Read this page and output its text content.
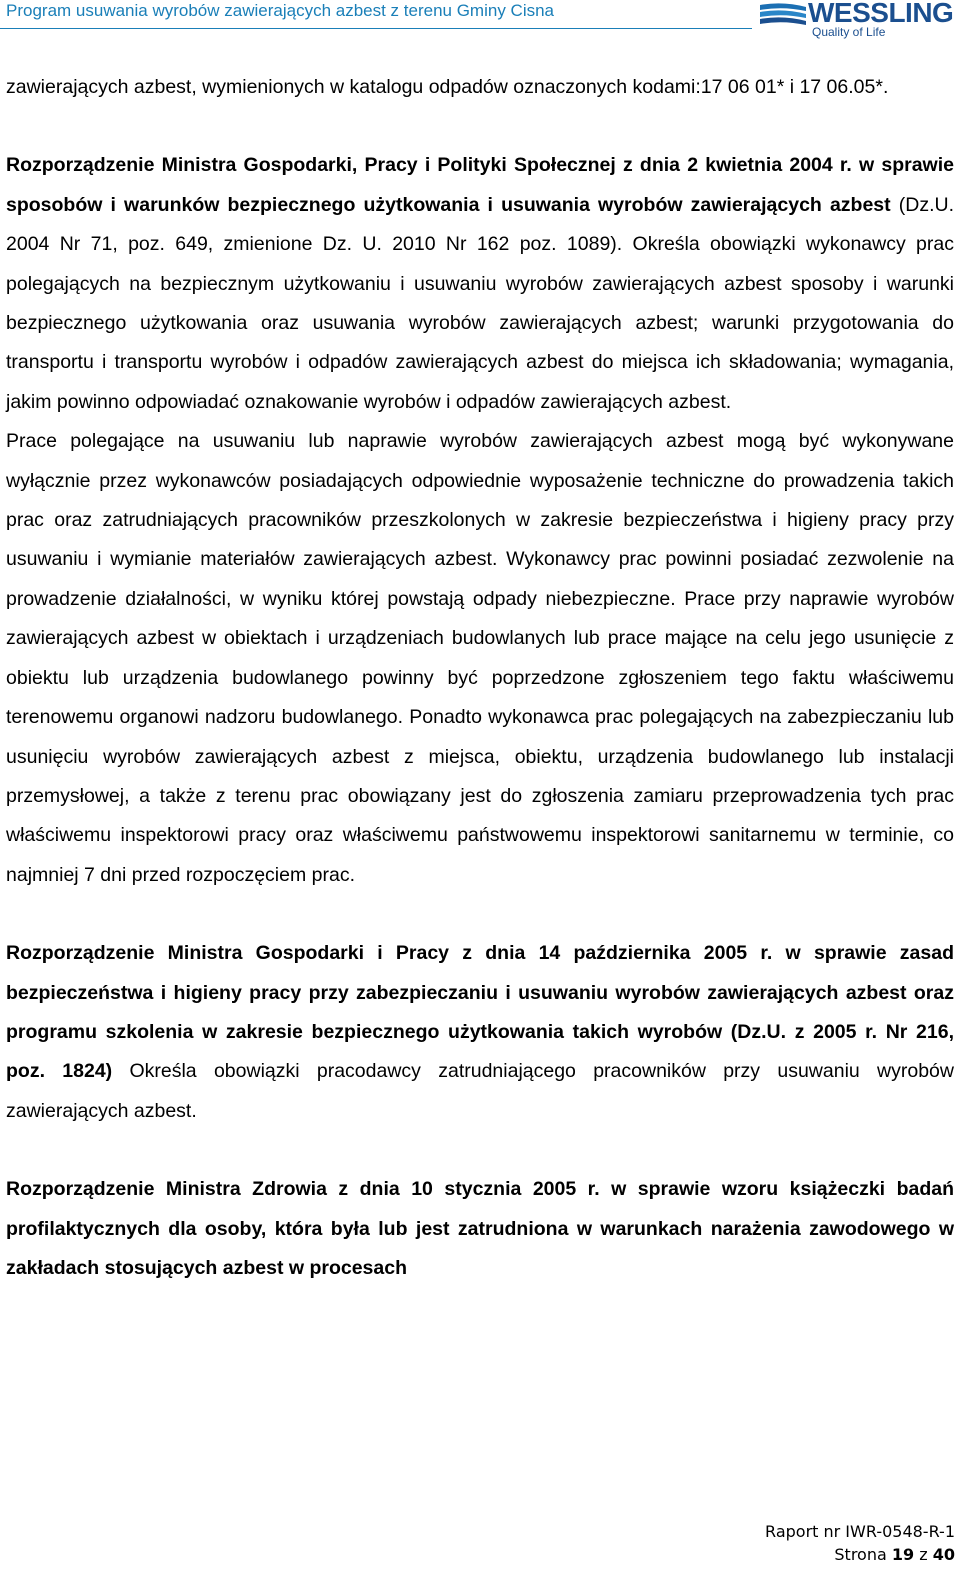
Program usuwania wyrobów zawierających azbest z terenu Gminy Cisna	WESSLING
Quality of Life

zawierających azbest, wymienionych w katalogu odpadów oznaczonych kodami:17 06 01* i 17 06.05*.

Rozporządzenie Ministra Gospodarki, Pracy i Polityki Społecznej z dnia 2 kwietnia 2004 r. w sprawie sposobów i warunków bezpiecznego użytkowania i usuwania wyrobów zawierających azbest (Dz.U. 2004 Nr 71, poz. 649, zmienione Dz. U. 2010 Nr 162 poz. 1089). Określa obowiązki wykonawcy prac polegających na bezpiecznym użytkowaniu i usuwaniu wyrobów zawierających azbest sposoby i warunki bezpiecznego użytkowania oraz usuwania wyrobów zawierających azbest; warunki przygotowania do transportu i transportu wyrobów i odpadów zawierających azbest do miejsca ich składowania; wymagania, jakim powinno odpowiadać oznakowanie wyrobów i odpadów zawierających azbest.

Prace polegające na usuwaniu lub naprawie wyrobów zawierających azbest mogą być wykonywane wyłącznie przez wykonawców posiadających odpowiednie wyposażenie techniczne do prowadzenia takich prac oraz zatrudniających pracowników przeszkolonych w zakresie bezpieczeństwa i higieny pracy przy usuwaniu i wymianie materiałów zawierających azbest. Wykonawcy prac powinni posiadać zezwolenie na prowadzenie działalności, w wyniku której powstają odpady niebezpieczne. Prace przy naprawie wyrobów zawierających azbest w obiektach i urządzeniach budowlanych lub prace mające na celu jego usunięcie z obiektu lub urządzenia budowlanego powinny być poprzedzone zgłoszeniem tego faktu właściwemu terenowemu organowi nadzoru budowlanego. Ponadto wykonawca prac polegających na zabezpieczaniu lub usunięciu wyrobów zawierających azbest z miejsca, obiektu, urządzenia budowlanego lub instalacji przemysłowej, a także z terenu prac obowiązany jest do zgłoszenia zamiaru przeprowadzenia tych prac właściwemu inspektorowi pracy oraz właściwemu państwowemu inspektorowi sanitarnemu w terminie, co najmniej 7 dni przed rozpoczęciem prac.

Rozporządzenie Ministra Gospodarki i Pracy z dnia 14 października 2005 r. w sprawie zasad bezpieczeństwa i higieny pracy przy zabezpieczaniu i usuwaniu wyrobów zawierających azbest oraz programu szkolenia w zakresie bezpiecznego użytkowania takich wyrobów (Dz.U. z 2005 r. Nr 216, poz. 1824) Określa obowiązki pracodawcy zatrudniającego pracowników przy usuwaniu wyrobów zawierających azbest.

Rozporządzenie Ministra Zdrowia z dnia 10 stycznia 2005 r. w sprawie wzoru książeczki badań profilaktycznych dla osoby, która była lub jest zatrudniona w warunkach narażenia zawodowego w zakładach stosujących azbest w procesach

Raport nr IWR-0548-R-1
Strona 19 z 40
